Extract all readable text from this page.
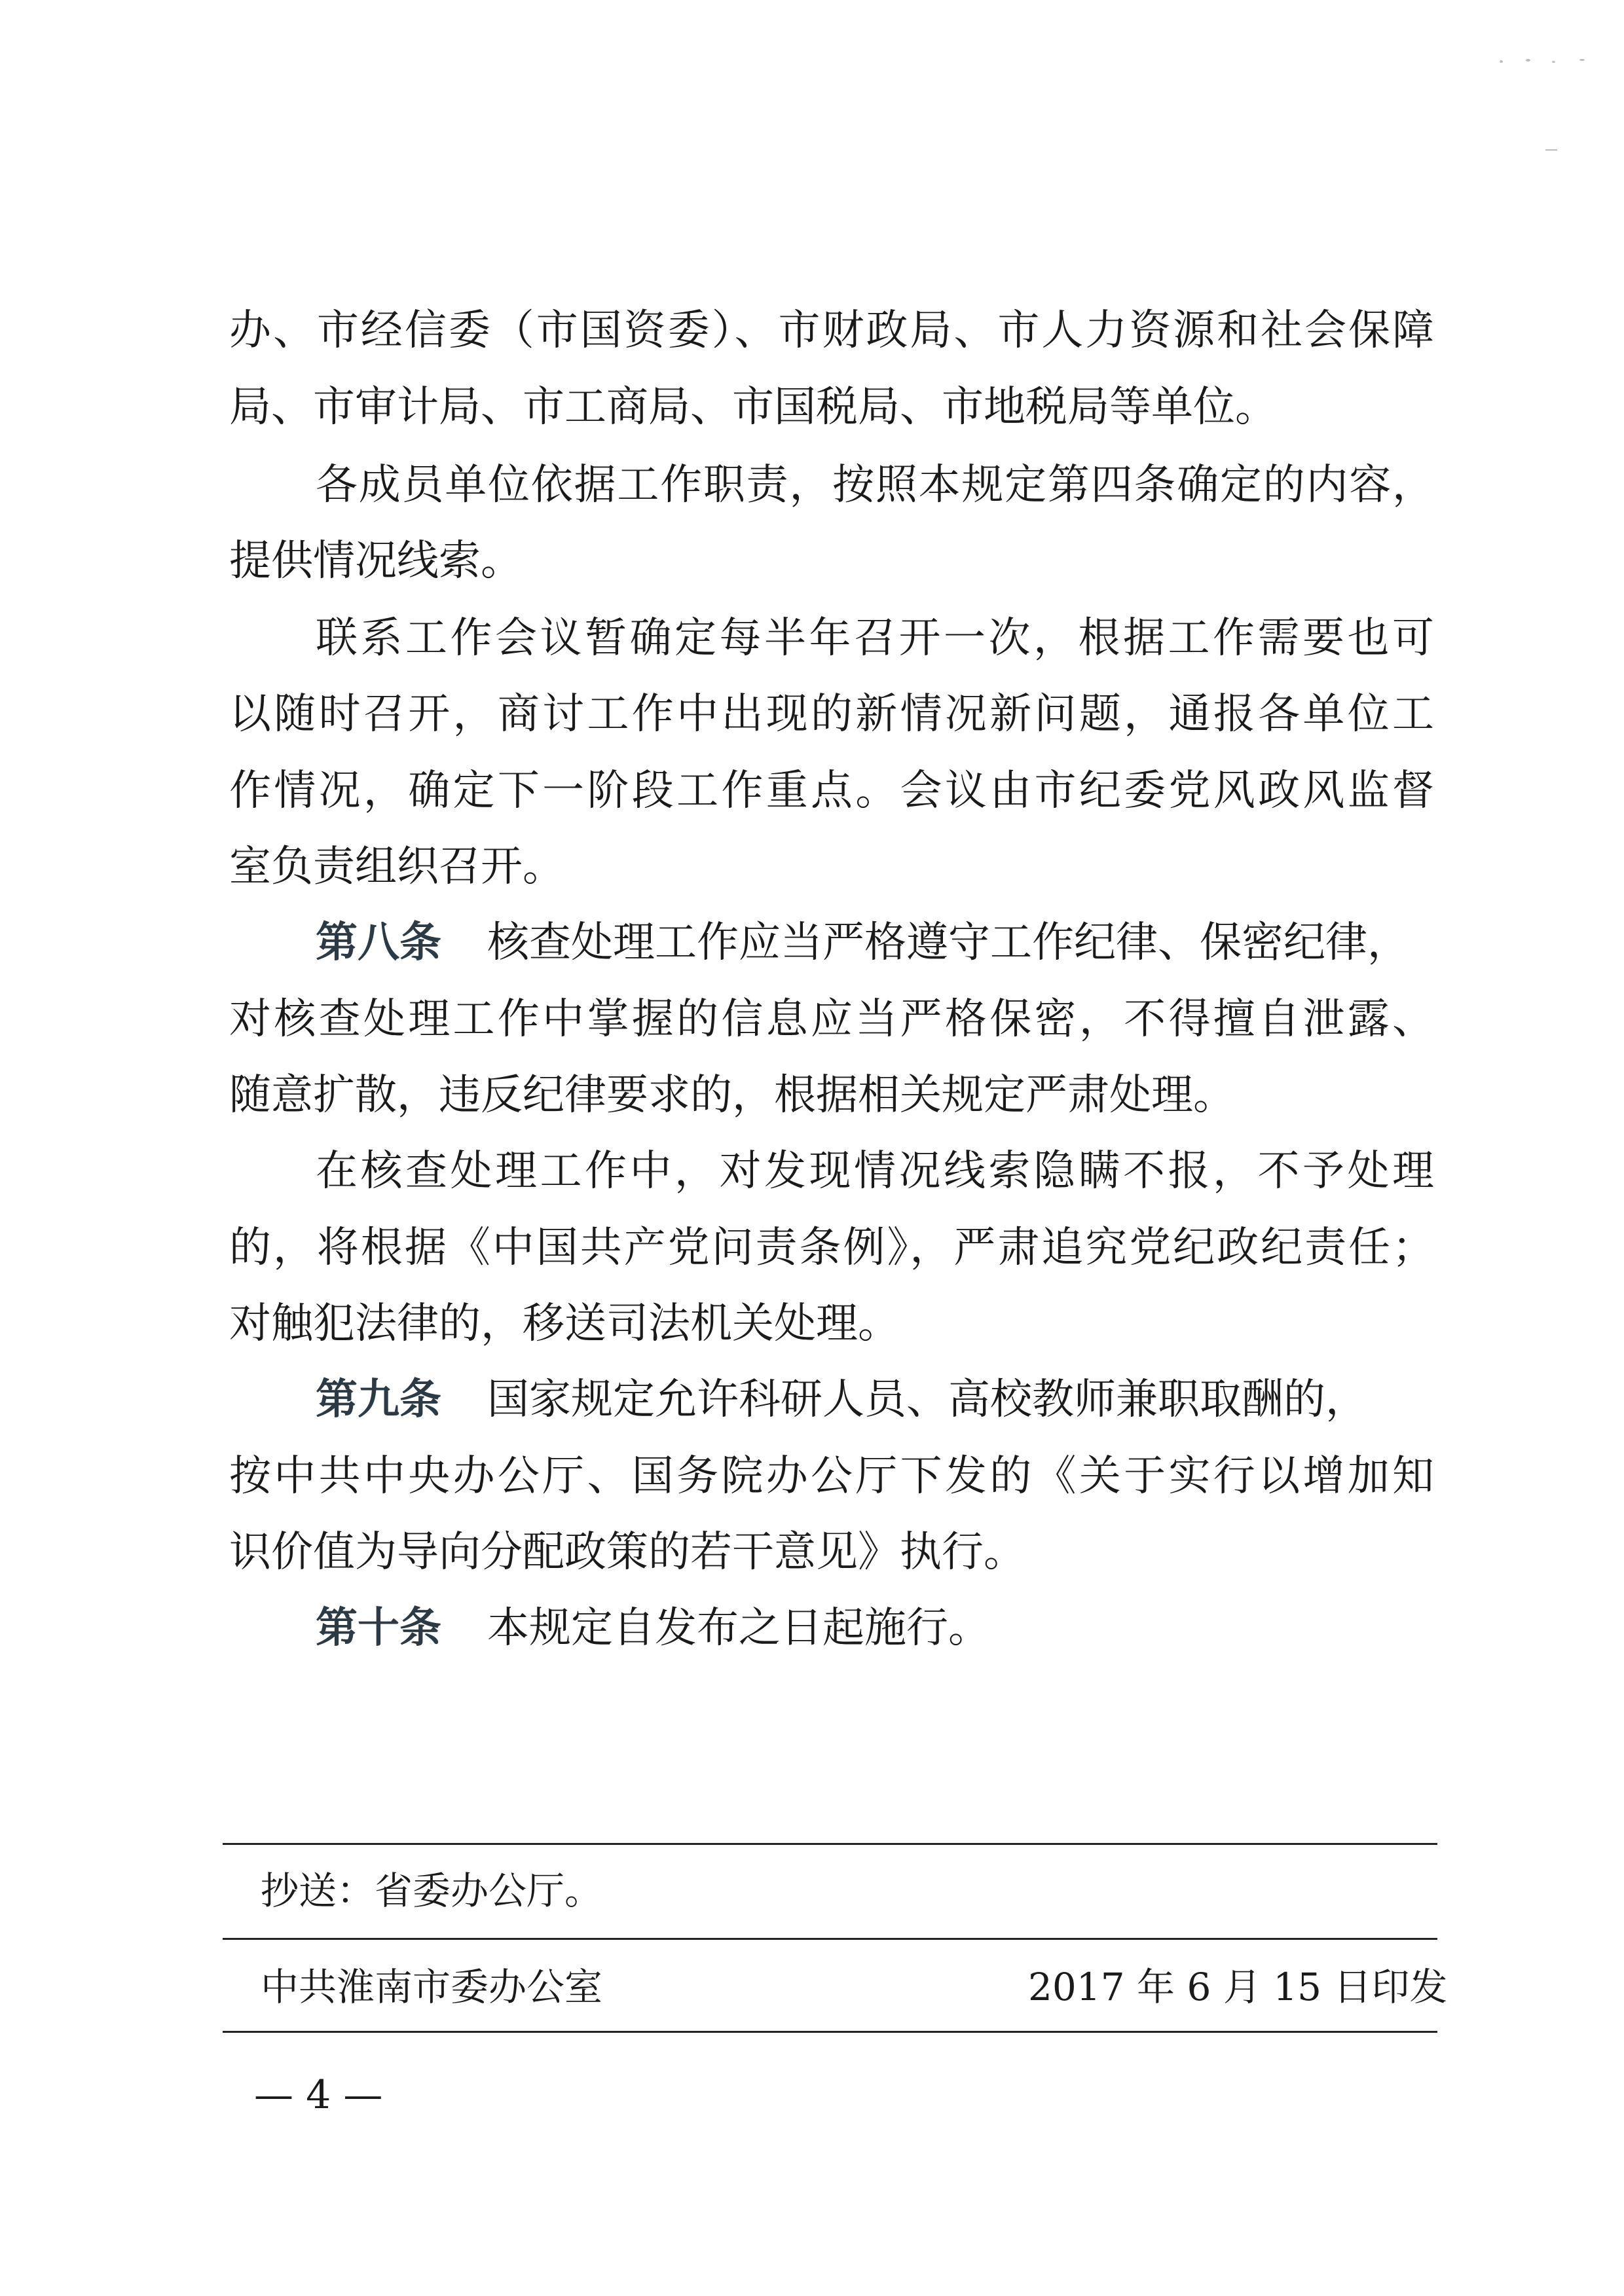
办、市经信委（市国资委）、市财政局、市人力资源和社会保障
局、市审计局、市工商局、市国税局、市地税局等单位。
各成员单位依据工作职责，按照本规定第四条确定的内容，
提供情况线索。
联系工作会议暂确定每半年召开一次，根据工作需要也可
以随时召开，商讨工作中出现的新情况新问题，通报各单位工
作情况，确定下一阶段工作重点。会议由市纪委党风政风监督
室负责组织召开。
第八条 核查处理工作应当严格遵守工作纪律、保密纪律，
对核查处理工作中掌握的信息应当严格保密，不得擅自泄露、
随意扩散，违反纪律要求的，根据相关规定严肃处理。
在核查处理工作中，对发现情况线索隐瞒不报，不予处理
的，将根据《中国共产党问责条例》，严肃追究党纪政纪责任；
对触犯法律的，移送司法机关处理。
第九条 国家规定允许科研人员、高校教师兼职取酬的，
按中共中央办公厅、国务院办公厅下发的《关于实行以增加知
识价值为导向分配政策的若干意见》执行。
第十条 本规定自发布之日起施行。
抄送：省委办公厅。
中共淮南市委办公室	2017 年 6 月 15 日印发
— 4 —
